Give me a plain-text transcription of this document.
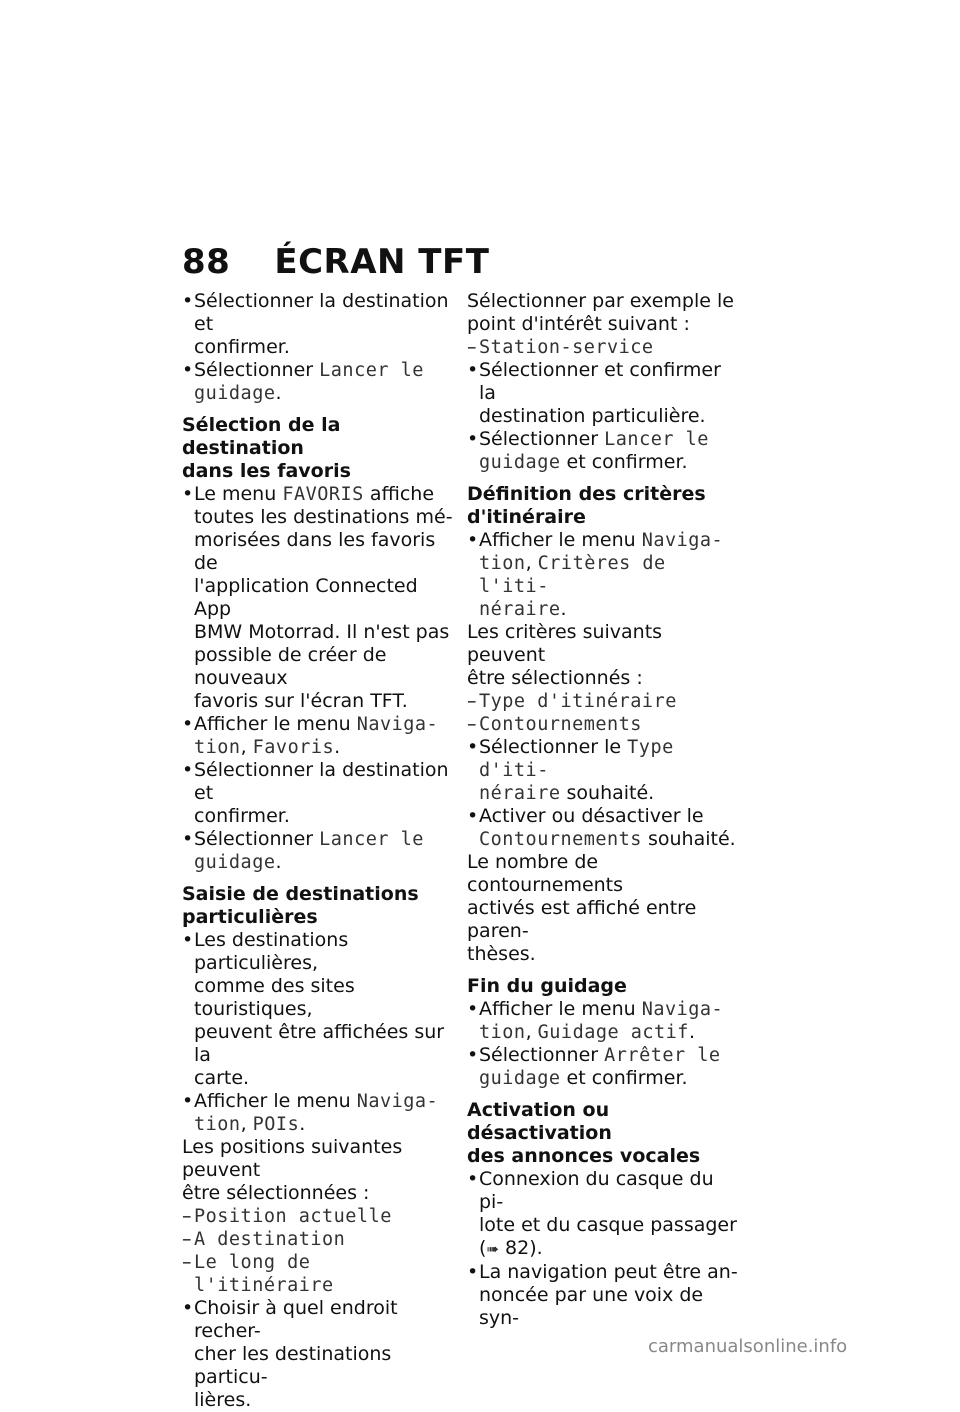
88 ÉCRAN TFT
• Sélectionner la destination et
confirmer.
• Sélectionner Lancer le
guidage.
Sélection de la destination
dans les favoris
• Le menu FAVORIS affiche
toutes les destinations mé-
morisées dans les favoris de
l'application Connected App
BMW Motorrad. Il n'est pas
possible de créer de nouveaux
favoris sur l'écran TFT.
• Afficher le menu Naviga-
tion, Favoris.
• Sélectionner la destination et
confirmer.
• Sélectionner Lancer le
guidage.
Saisie de destinations
particulières
• Les destinations particulières,
comme des sites touristiques,
peuvent être affichées sur la
carte.
• Afficher le menu Naviga-
tion, POIs.
Les positions suivantes peuvent
être sélectionnées :
– Position actuelle
– A destination
– Le long de l'itinéraire
• Choisir à quel endroit recher-
cher les destinations particu-
lières.
Sélectionner par exemple le
point d'intérêt suivant :
– Station-service
• Sélectionner et confirmer la
destination particulière.
• Sélectionner Lancer le
guidage et confirmer.
Définition des critères
d'itinéraire
• Afficher le menu Naviga-
tion, Critères de l'iti-
néraire.
Les critères suivants peuvent
être sélectionnés :
– Type d'itinéraire
– Contournements
• Sélectionner le Type d'iti-
néraire souhaité.
• Activer ou désactiver le
Contournements souhaité.
Le nombre de contournements
activés est affiché entre paren-
thèses.
Fin du guidage
• Afficher le menu Naviga-
tion, Guidage actif.
• Sélectionner Arrêter le
guidage et confirmer.
Activation ou désactivation
des annonces vocales
• Connexion du casque du pi-
lote et du casque passager
(➠ 82).
• La navigation peut être an-
noncée par une voix de syn-
carmanualsonline.info
